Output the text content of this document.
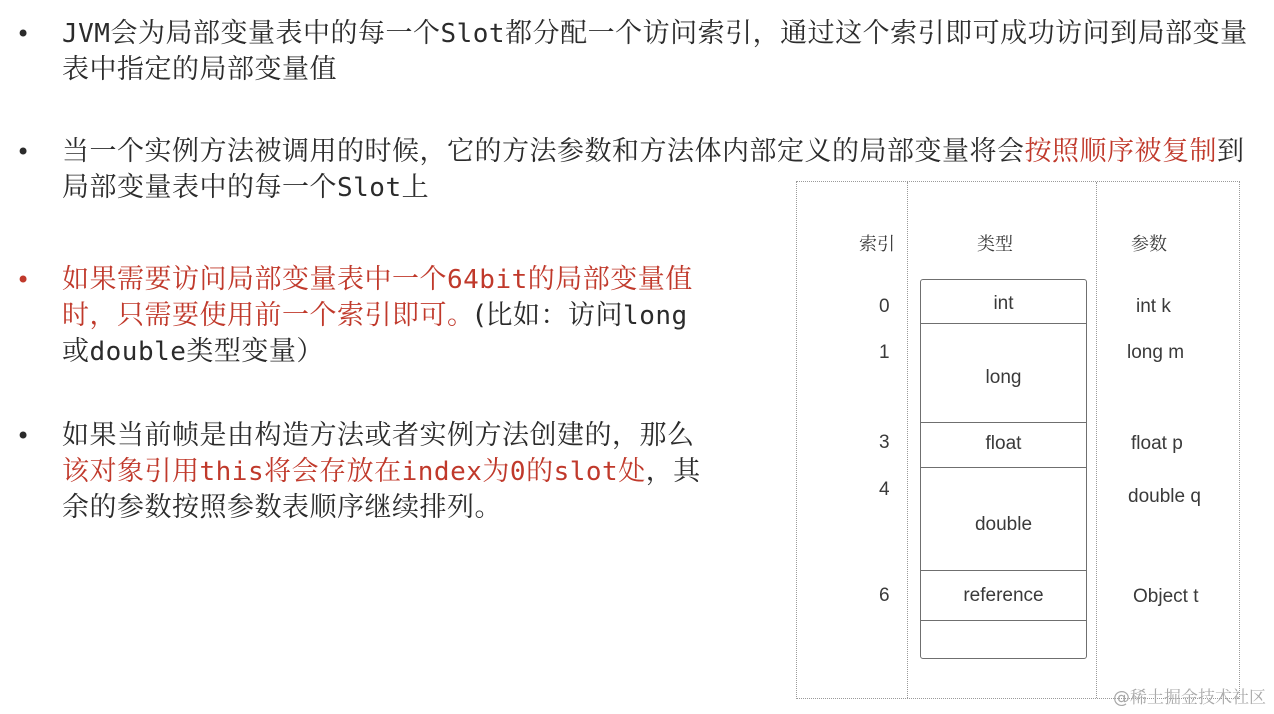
• JVM会为局部变量表中的每一个Slot都分配一个访问索引，通过这个索引即可成功访问到局部变量表中指定的局部变量值
• 当一个实例方法被调用的时候，它的方法参数和方法体内部定义的局部变量将会按照顺序被复制到局部变量表中的每一个Slot上
• 如果需要访问局部变量表中一个64bit的局部变量值时，只需要使用前一个索引即可。(比如：访问long或double类型变量）
• 如果当前帧是由构造方法或者实例方法创建的，那么该对象引用this将会存放在index为0的slot处，其余的参数按照参数表顺序继续排列。
索引	类型	参数
0
1
3
4
6
int
long
float
double
reference
int k
long m
float p
double q
Object t
@稀土掘金技术社区
